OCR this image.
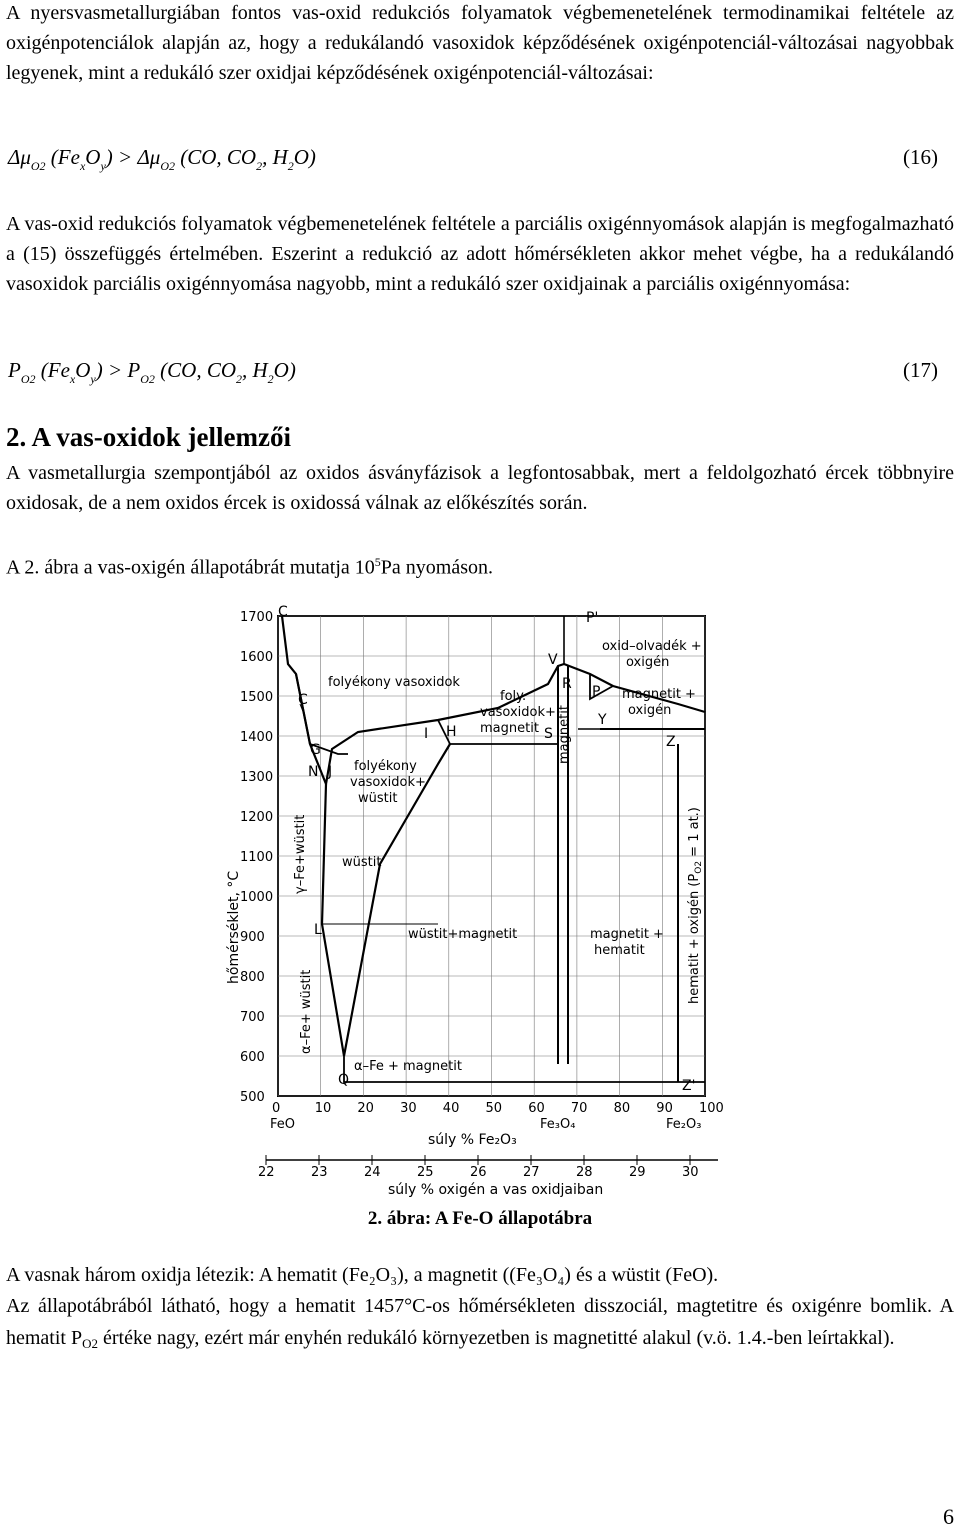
A nyersvasmetallurgiában fontos vas-oxid redukciós folyamatok végbemenetelének termodinamikai feltétele az oxigénpotenciálok alapján az, hogy a redukálandó vasoxidok képződésének oxigénpotenciál-változásai nagyobbak legyenek, mint a redukáló szer oxidjai képződésének oxigénpotenciál-változásai:
$\Delta\mu_{O2}$ $(Fe_xO_y) > \Delta\mu_{O2}$ (CO, $CO_2$, $H_2O$)	(16)
A vas-oxid redukciós folyamatok végbemenetelének feltétele a parciális oxigénnyomások alapján is megfogalmazható a (15) összefüggés értelmében. Eszerint a redukció az adott hőmérsékleten akkor mehet végbe, ha a redukálandó vasoxidok parciális oxigénnyomása nagyobb, mint a redukáló szer oxidjainak a parciális oxigénnyomása:
$P_{O2}$ $(Fe_xO_y) > P_{O2}$ (CO, $CO_2$, $H_2O$)	(17)
2. A vas-oxidok jellemzői
A vasmetallurgia szempontjából az oxidos ásványfázisok a legfontosabbak, mert a feldolgozható ércek többnyire oxidosak, de a nem oxidos ércek is oxidossá válnak az előkészítés során.
A 2. ábra a vas-oxigén állapotábrát mutatja $10^5Pa$ nyomáson.
1700
1600
1500
1400
1300
1200
1100
1000
900
800
700
600
500
0	10 20 30 40 50 60 70 80 90 100
22	23	24	25	26	27	28	29	30
hőmérséklet, °C
súly % Fe₂O₃
súly % oxigén a vas oxidjaiban
FeO	Fe₃O₄	Fe₂O₃
folyékony vasoxidok
oxid–olvadék +
oxigén
foly.
vasoxidok+
magnetit
magnetit +
oxigén
folyékony
vasoxidok+
wüstit
wüstit
wüstit+magnetit	magnetit +
hematit
γ–Fe+wüstit
α–Fe+ wüstit
α–Fe + magnetit
magnetit
hematit + oxigén ($P_{O2} = 1$ at.)
C	P'
V
C
R P
Y
G
I H	S	Z
N J
L
Q	Z'
2. ábra: A Fe-O állapotábra
A vasnak három oxidja létezik: A hematit (Fe₂O₃), a magnetit ((Fe₃O₄) és a wüstit (FeO).
Az állapotábrából látható, hogy a hematit 1457°C-os hőmérsékleten disszociál, magtetitre és oxigénre bomlik. A hematit $P_{O2}$ értéke nagy, ezért már enyhén redukáló környezetben is magnetitté alakul (v.ö. 1.4.-ben leírtakkal).
6
